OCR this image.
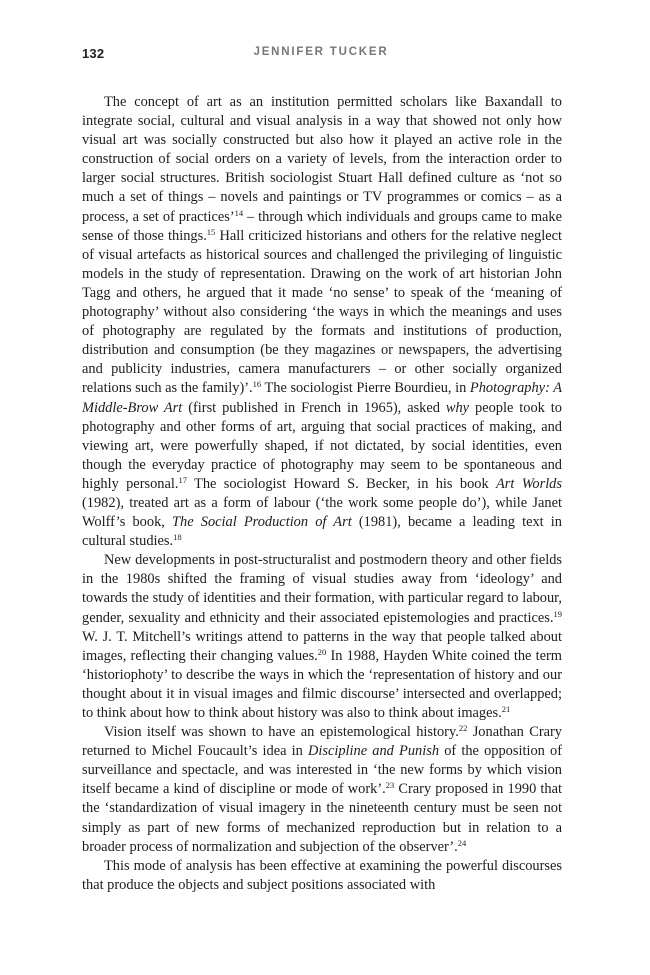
132	JENNIFER TUCKER

The concept of art as an institution permitted scholars like Baxandall to integrate social, cultural and visual analysis in a way that showed not only how visual art was socially constructed but also how it played an active role in the construction of social orders on a variety of levels, from the interaction order to larger social structures. British sociologist Stuart Hall defined culture as ‘not so much a set of things – novels and paintings or TV programmes or comics – as a process, a set of practices’$^{14}$ – through which individuals and groups came to make sense of those things.$^{15}$ Hall criticized historians and others for the relative neglect of visual artefacts as historical sources and challenged the privileging of linguistic models in the study of representation. Drawing on the work of art historian John Tagg and others, he argued that it made ‘no sense’ to speak of the ‘meaning of photography’ without also considering ‘the ways in which the meanings and uses of photography are regulated by the formats and institutions of production, distribution and consumption (be they magazines or newspapers, the advertising and publicity industries, camera manufacturers – or other socially organized relations such as the family)’.$^{16}$ The sociologist Pierre Bourdieu, in Photography: A Middle-Brow Art (first published in French in 1965), asked why people took to photography and other forms of art, arguing that social practices of making, and viewing art, were powerfully shaped, if not dictated, by social identities, even though the everyday practice of photography may seem to be spontaneous and highly personal.$^{17}$ The sociologist Howard S. Becker, in his book Art Worlds (1982), treated art as a form of labour (‘the work some people do’), while Janet Wolff’s book, The Social Production of Art (1981), became a leading text in cultural studies.$^{18}$

New developments in post-structuralist and postmodern theory and other fields in the 1980s shifted the framing of visual studies away from ‘ideology’ and towards the study of identities and their formation, with particular regard to labour, gender, sexuality and ethnicity and their associated epistemologies and practices.$^{19}$ W. J. T. Mitchell’s writings attend to patterns in the way that people talked about images, reflecting their changing values.$^{20}$ In 1988, Hayden White coined the term ‘historiophoty’ to describe the ways in which the ‘representation of history and our thought about it in visual images and filmic discourse’ intersected and overlapped; to think about how to think about history was also to think about images.$^{21}$

Vision itself was shown to have an epistemological history.$^{22}$ Jonathan Crary returned to Michel Foucault’s idea in Discipline and Punish of the opposition of surveillance and spectacle, and was interested in ‘the new forms by which vision itself became a kind of discipline or mode of work’.$^{23}$ Crary proposed in 1990 that the ‘standardization of visual imagery in the nineteenth century must be seen not simply as part of new forms of mechanized reproduction but in relation to a broader process of normalization and subjection of the observer’.$^{24}$

This mode of analysis has been effective at examining the powerful discourses that produce the objects and subject positions associated with
